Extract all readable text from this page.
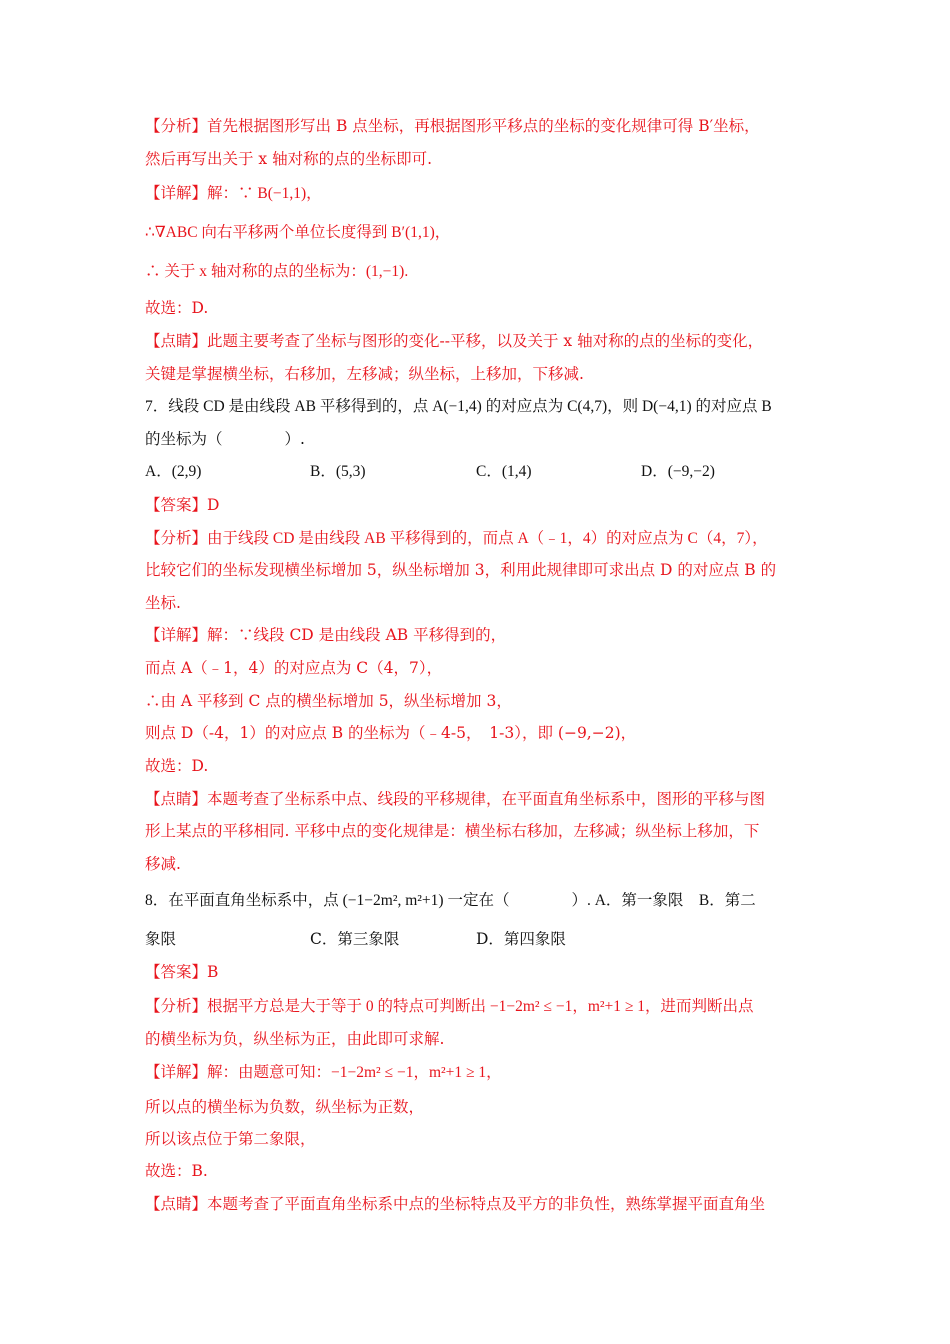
【分析】首先根据图形写出 B 点坐标，再根据图形平移点的坐标的变化规律可得 B′坐标，
然后再写出关于 x 轴对称的点的坐标即可.
【详解】解：∵ B(−1,1)，
∴∇ABC 向右平移两个单位长度得到 B′(1,1)，
∴ 关于 x 轴对称的点的坐标为：(1,−1).
故选：D.
【点睛】此题主要考查了坐标与图形的变化--平移，以及关于 x 轴对称的点的坐标的变化，
关键是掌握横坐标，右移加，左移减；纵坐标，上移加，下移减.
7．线段 CD 是由线段 AB 平移得到的，点 A(−1,4) 的对应点为 C(4,7)，则 D(−4,1) 的对应点 B
的坐标为（　　　　）.
A．(2,9)	B．(5,3)	C．(1,4)	D．(−9,−2)
【答案】D
【分析】由于线段 CD 是由线段 AB 平移得到的，而点 A（﹣1，4）的对应点为 C（4，7），
比较它们的坐标发现横坐标增加 5，纵坐标增加 3，利用此规律即可求出点 D 的对应点 B 的
坐标.
【详解】解：∵线段 CD 是由线段 AB 平移得到的，
而点 A（﹣1，4）的对应点为 C（4，7），
∴由 A 平移到 C 点的横坐标增加 5，纵坐标增加 3，
则点 D（-4，1）的对应点 B 的坐标为（﹣4-5，　1-3），即 (−9,−2)，
故选：D.
【点睛】本题考查了坐标系中点、线段的平移规律，在平面直角坐标系中，图形的平移与图
形上某点的平移相同. 平移中点的变化规律是：横坐标右移加，左移减；纵坐标上移加，下
移减.
8．在平面直角坐标系中，点 (−1−2m², m²+1) 一定在（　　　　）. A．第一象限　B．第二
象限	C．第三象限	D．第四象限
【答案】B
【分析】根据平方总是大于等于 0 的特点可判断出 −1−2m² ≤ −1，m²+1 ≥ 1，进而判断出点
的横坐标为负，纵坐标为正，由此即可求解.
【详解】解：由题意可知：−1−2m² ≤ −1，m²+1 ≥ 1，
所以点的横坐标为负数，纵坐标为正数，
所以该点位于第二象限，
故选：B.
【点睛】本题考查了平面直角坐标系中点的坐标特点及平方的非负性，熟练掌握平面直角坐
